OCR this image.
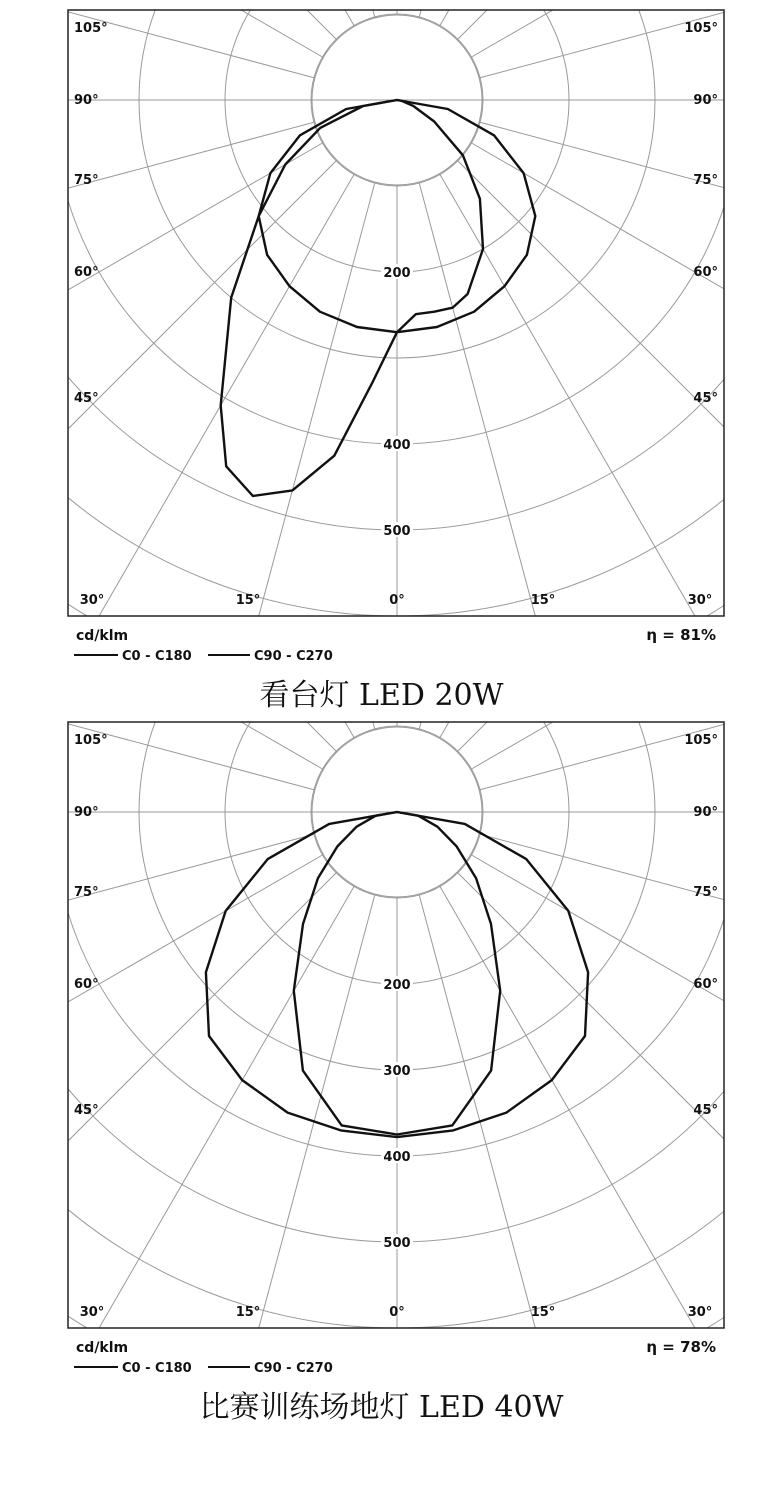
105°	105°
90°	90°
75°	75°
60°	60°
45°	45°
30°	15°	0°	15°	30°
200
400
500
cd/klm	η = 81%
C0 - C180	C90 - C270
看台灯 LED 20W
105°	105°
90°	90°
75°	75°
60°	60°
45°	45°
30°	15°	0°	15°	30°
200
300
400
500
cd/klm	η = 78%
C0 - C180	C90 - C270
比赛训练场地灯 LED 40W
